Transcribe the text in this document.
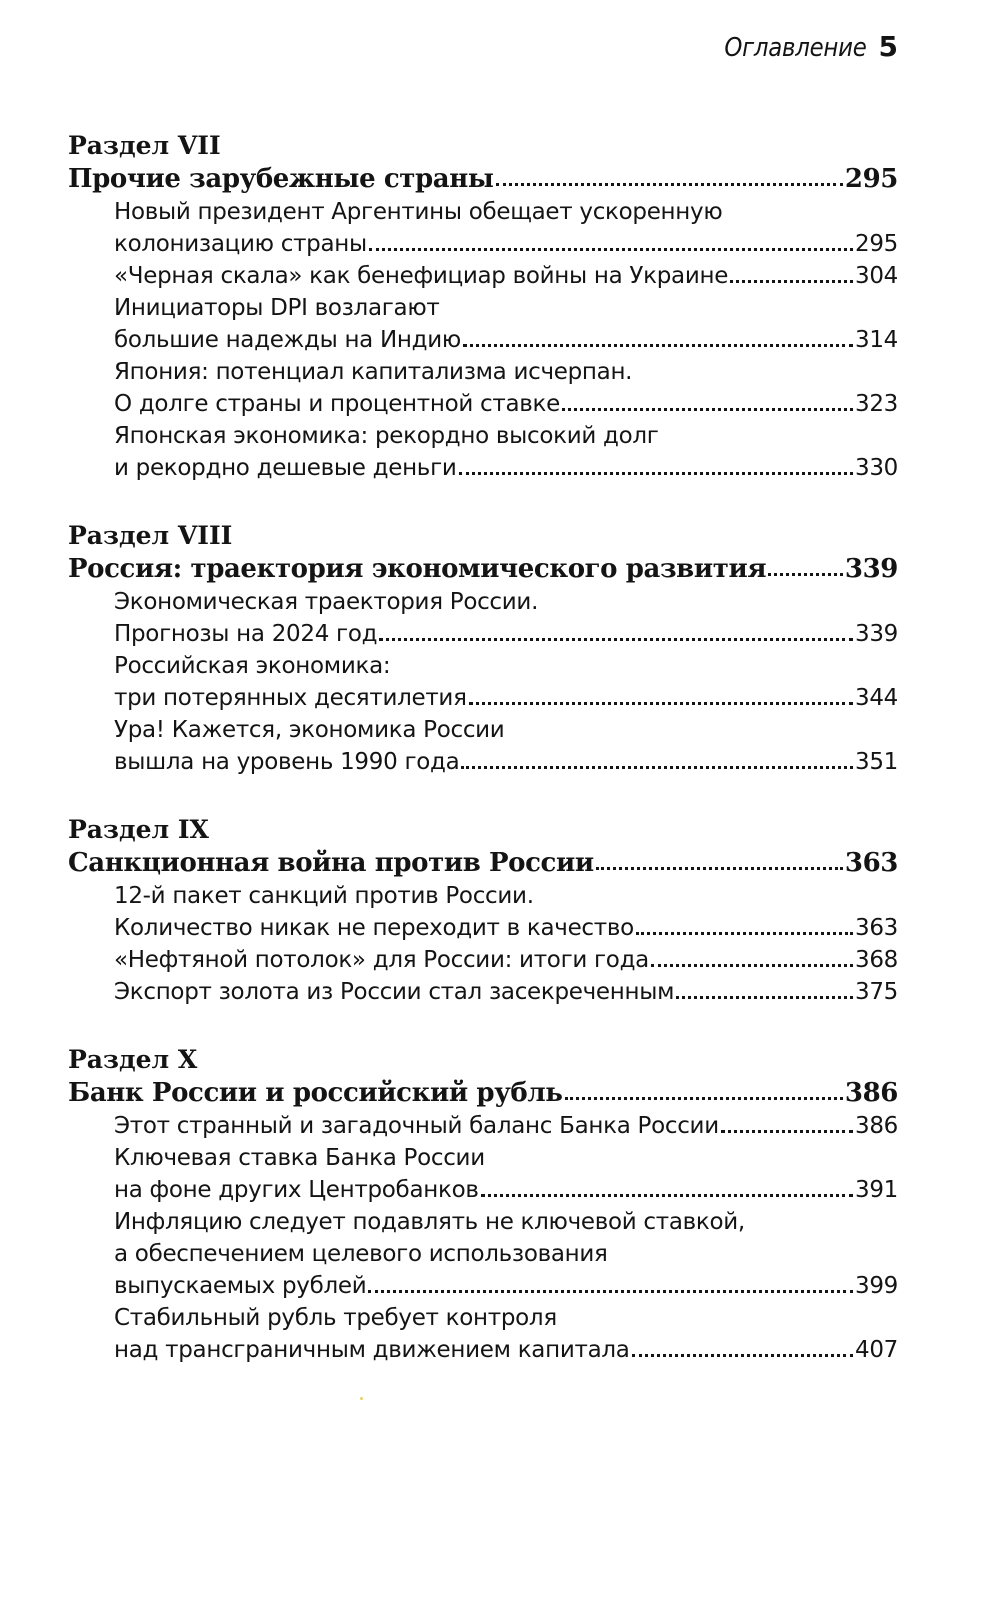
Оглавление 5
Раздел VII
Прочие зарубежные страны	295
Новый президент Аргентины обещает ускоренную
колонизацию страны	295
«Черная скала» как бенефициар войны на Украине	304
Инициаторы DPI возлагают
большие надежды на Индию	314
Япония: потенциал капитализма исчерпан.
О долге страны и процентной ставке	323
Японская экономика: рекордно высокий долг
и рекордно дешевые деньги	330
Раздел VIII
Россия: траектория экономического развития	339
Экономическая траектория России.
Прогнозы на 2024 год	339
Российская экономика:
три потерянных десятилетия	344
Ура! Кажется, экономика России
вышла на уровень 1990 года	351
Раздел IX
Санкционная война против России	363
12-й пакет санкций против России.
Количество никак не переходит в качество	363
«Нефтяной потолок» для России: итоги года	368
Экспорт золота из России стал засекреченным	375
Раздел X
Банк России и российский рубль	386
Этот странный и загадочный баланс Банка России	386
Ключевая ставка Банка России
на фоне других Центробанков	391
Инфляцию следует подавлять не ключевой ставкой,
а обеспечением целевого использования
выпускаемых рублей	399
Стабильный рубль требует контроля
над трансграничным движением капитала	407
